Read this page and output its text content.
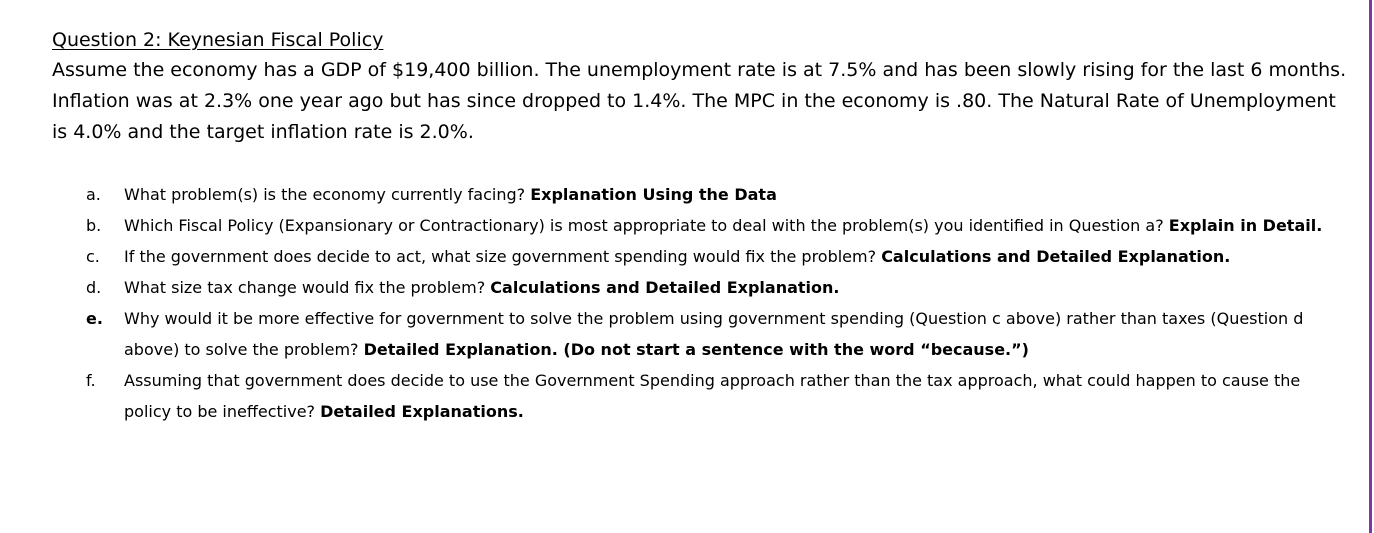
Question 2: Keynesian Fiscal Policy

Assume the economy has a GDP of $19,400 billion. The unemployment rate is at 7.5% and has been slowly rising for the last 6 months. Inflation was at 2.3% one year ago but has since dropped to 1.4%. The MPC in the economy is .80. The Natural Rate of Unemployment is 4.0% and the target inflation rate is 2.0%.

a.	What problem(s) is the economy currently facing? Explanation Using the Data
b.	Which Fiscal Policy (Expansionary or Contractionary) is most appropriate to deal with the problem(s) you identified in Question a? Explain in Detail.
c.	If the government does decide to act, what size government spending would fix the problem? Calculations and Detailed Explanation.
d.	What size tax change would fix the problem? Calculations and Detailed Explanation.
e.	Why would it be more effective for government to solve the problem using government spending (Question c above) rather than taxes (Question d above) to solve the problem? Detailed Explanation. (Do not start a sentence with the word “because.”)
f.	Assuming that government does decide to use the Government Spending approach rather than the tax approach, what could happen to cause the policy to be ineffective? Detailed Explanations.
